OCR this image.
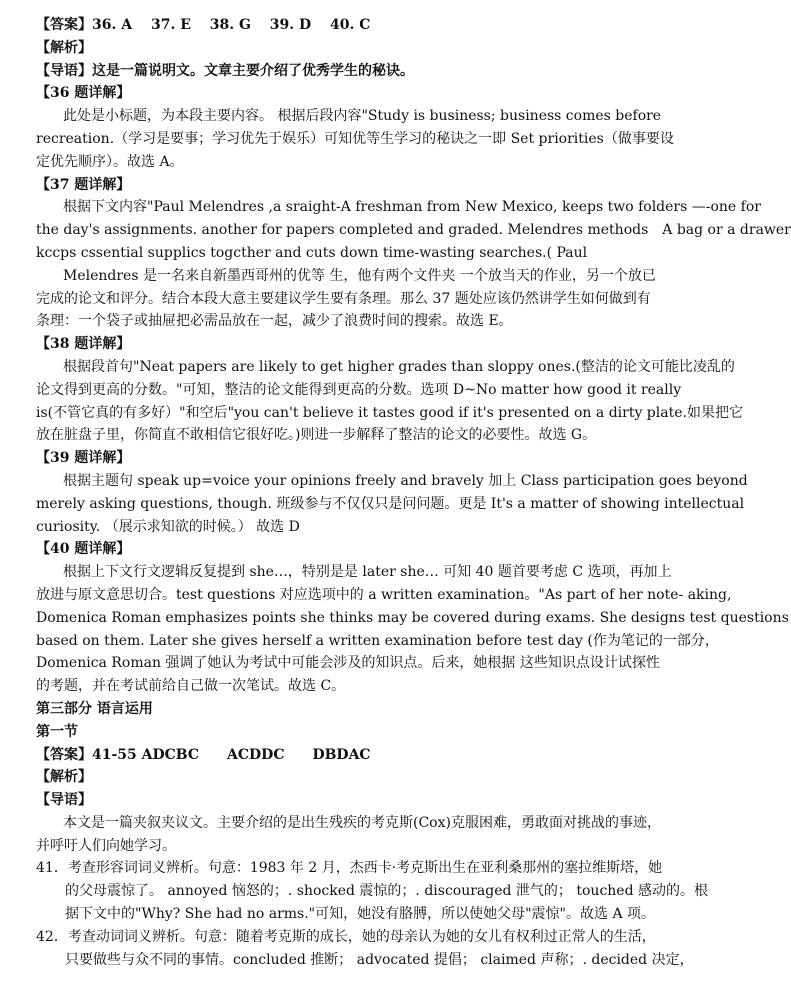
【答案】36. A　 37. E　 38. G　 39. D　 40. C
【解析】
【导语】这是一篇说明文。文章主要介绍了优秀学生的秘诀。
【36 题详解】
此处是小标题，为本段主要内容。 根据后段内容"Study is business; business comes before
recreation.（学习是要事；学习优先于娱乐）可知优等生学习的秘诀之一即 Set priorities（做事要设
定优先顺序）。故选 A。
【37 题详解】
根据下文内容"Paul Melendres ,a sraight-A freshman from New Mexico, keeps two folders —-one for
the day's assignments. another for papers completed and graded. Melendres methods　A bag or a drawer
kccps cssential supplics togcther and cuts down time-wasting searches.( Paul
Melendres 是一名来自新墨西哥州的优等 生，他有两个文件夹 一个放当天的作业，另一个放已
完成的论文和评分。结合本段大意主要建议学生要有条理。那么 37 题处应该仍然讲学生如何做到有
条理：一个袋子或抽屉把必需品放在一起，减少了浪费时间的搜索。故选 E。
【38 题详解】
根据段首句"Neat papers are likely to get higher grades than sloppy ones.(整洁的论文可能比凌乱的
论文得到更高的分数。"可知，整洁的论文能得到更高的分数。选项 D~No matter how good it really
is(不管它真的有多好）"和空后"you can't believe it tastes good if it's presented on a dirty plate.如果把它
放在脏盘子里，你简直不敢相信它很好吃。)则进一步解释了整洁的论文的必要性。故选 G。
【39 题详解】
根据主题句 speak up=voice your opinions freely and bravely 加上 Class participation goes beyond
merely asking questions, though. 班级参与不仅仅只是问问题。更是 It's a matter of showing intellectual
curiosity. （展示求知欲的时候。） 故选 D
【40 题详解】
根据上下文行文逻辑反复提到 she…，特别是是 later she… 可知 40 题首要考虑 C 选项，再加上
放进与原文意思切合。test questions 对应选项中的 a written examination。"As part of her note- aking,
Domenica Roman emphasizes points she thinks may be covered during exams. She designs test questions
based on them. Later she gives herself a written examination before test day (作为笔记的一部分，
Domenica Roman 强调了她认为考试中可能会涉及的知识点。后来，她根据 这些知识点设计试探性
的考题，并在考试前给自己做一次笔试。故选 C。
第三部分 语言运用
第一节
【答案】41-55 ADCBC　　ACDDC　　DBDAC
【解析】
【导语】
本文是一篇夹叙夹议文。主要介绍的是出生残疾的考克斯(Cox)克服困难，勇敢面对挑战的事迹，
并呼吁人们向她学习。
41．考查形容词词义辨析。句意：1983 年 2 月，杰西卡·考克斯出生在亚利桑那州的塞拉维斯塔，她
的父母震惊了。 annoyed 恼怒的；. shocked 震惊的；. discouraged 泄气的； touched 感动的。根
据下文中的"Why? She had no arms."可知，她没有胳膊，所以使她父母"震惊"。故选 A 项。
42．考查动词词义辨析。句意：随着考克斯的成长，她的母亲认为她的女儿有权利过正常人的生活，
只要做些与众不同的事情。concluded 推断； advocated 提倡； claimed 声称；. decided 决定，
